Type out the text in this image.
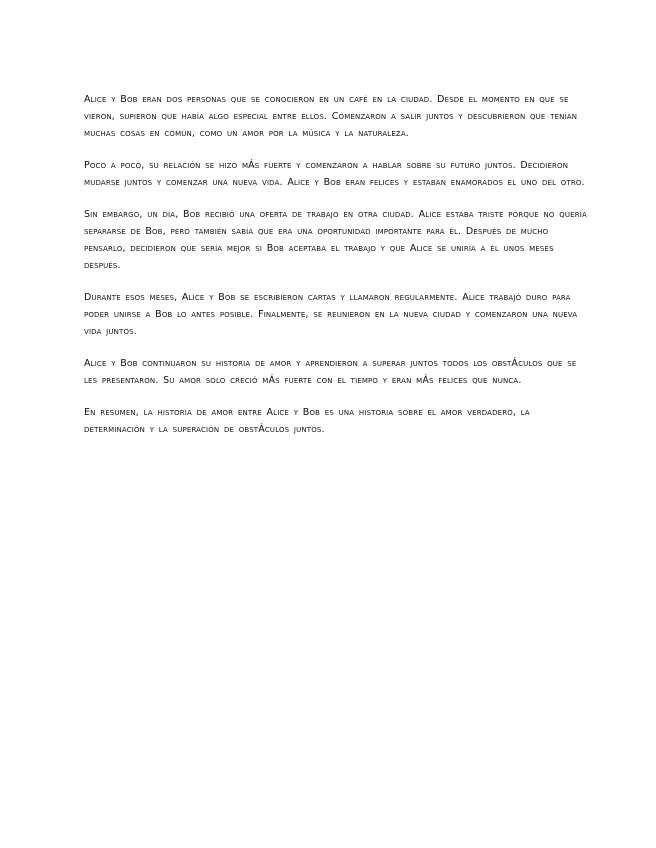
Alice y Bob eran dos personas que se conocieron en un café en la ciudad. Desde el momento en que se vieron, supieron que había algo especial entre ellos. Comenzaron a salir juntos y descubrieron que tenían muchas cosas en común, como un amor por la música y la naturaleza.

Poco a poco, su relación se hizo mÁs fuerte y comenzaron a hablar sobre su futuro juntos. Decidieron mudarse juntos y comenzar una nueva vida. Alice y Bob eran felices y estaban enamorados el uno del otro.

Sin embargo, un día, Bob recibió una oferta de trabajo en otra ciudad. Alice estaba triste porque no quería separarse de Bob, pero también sabía que era una oportunidad importante para él. Después de mucho pensarlo, decidieron que sería mejor si Bob aceptaba el trabajo y que Alice se uniría a él unos meses después.

Durante esos meses, Alice y Bob se escribieron cartas y llamaron regularmente. Alice trabajó duro para poder unirse a Bob lo antes posible. Finalmente, se reunieron en la nueva ciudad y comenzaron una nueva vida juntos.

Alice y Bob continuaron su historia de amor y aprendieron a superar juntos todos los obstÁculos que se les presentaron. Su amor solo creció mÁs fuerte con el tiempo y eran mÁs felices que nunca.

En resumen, la historia de amor entre Alice y Bob es una historia sobre el amor verdadero, la determinación y la superación de obstÁculos juntos.
